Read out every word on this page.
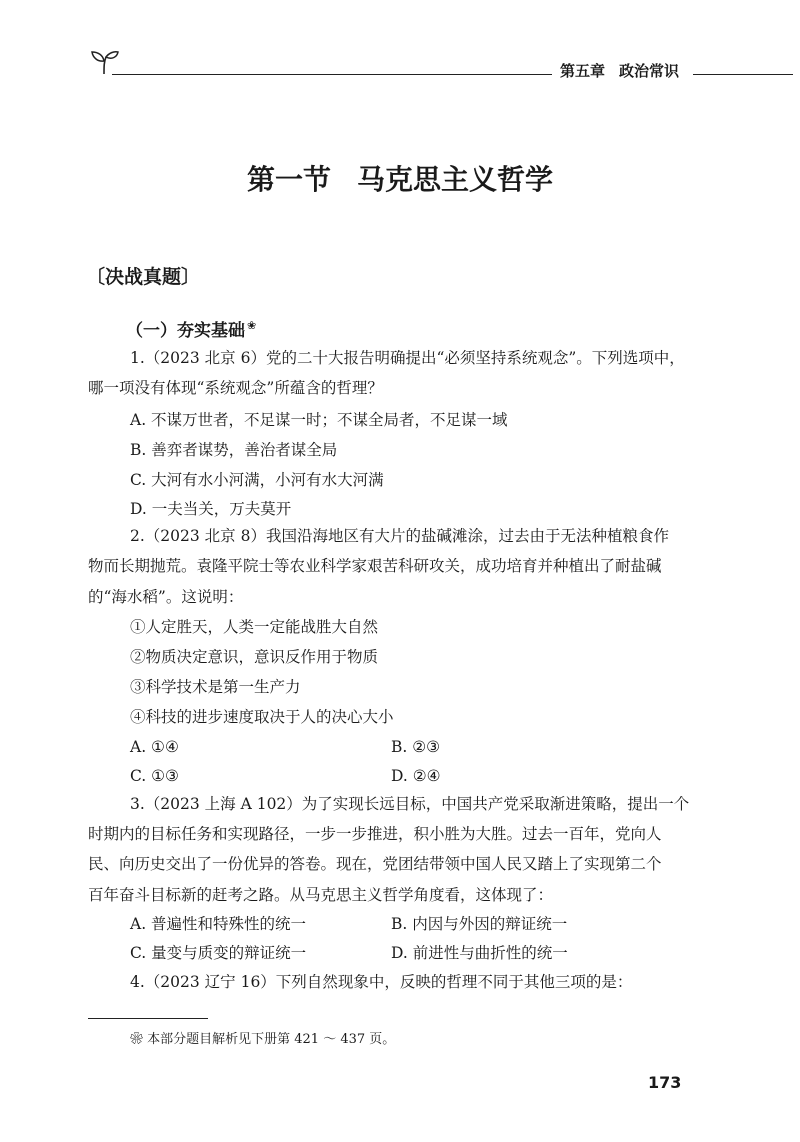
第五章 政治常识
第一节 马克思主义哲学
〔决战真题〕
（一）夯实基础 ❀
1.（2023 北京 6）党的二十大报告明确提出“必须坚持系统观念”。下列选项中，
哪一项没有体现“系统观念”所蕴含的哲理？
A. 不谋万世者，不足谋一时；不谋全局者，不足谋一域
B. 善弈者谋势，善治者谋全局
C. 大河有水小河满，小河有水大河满
D. 一夫当关，万夫莫开
2.（2023 北京 8）我国沿海地区有大片的盐碱滩涂，过去由于无法种植粮食作
物而长期抛荒。袁隆平院士等农业科学家艰苦科研攻关，成功培育并种植出了耐盐碱
的“海水稻”。这说明：
①人定胜天，人类一定能战胜大自然
②物质决定意识，意识反作用于物质
③科学技术是第一生产力
④科技的进步速度取决于人的决心大小
A. ①④	B. ②③
C. ①③	D. ②④
3.（2023 上海 A 102）为了实现长远目标，中国共产党采取渐进策略，提出一个
时期内的目标任务和实现路径，一步一步推进，积小胜为大胜。过去一百年，党向人
民、向历史交出了一份优异的答卷。现在，党团结带领中国人民又踏上了实现第二个
百年奋斗目标新的赶考之路。从马克思主义哲学角度看，这体现了：
A. 普遍性和特殊性的统一	B. 内因与外因的辩证统一
C. 量变与质变的辩证统一	D. 前进性与曲折性的统一
4.（2023 辽宁 16）下列自然现象中，反映的哲理不同于其他三项的是：
❀ 本部分题目解析见下册第 421 ～ 437 页。
173
